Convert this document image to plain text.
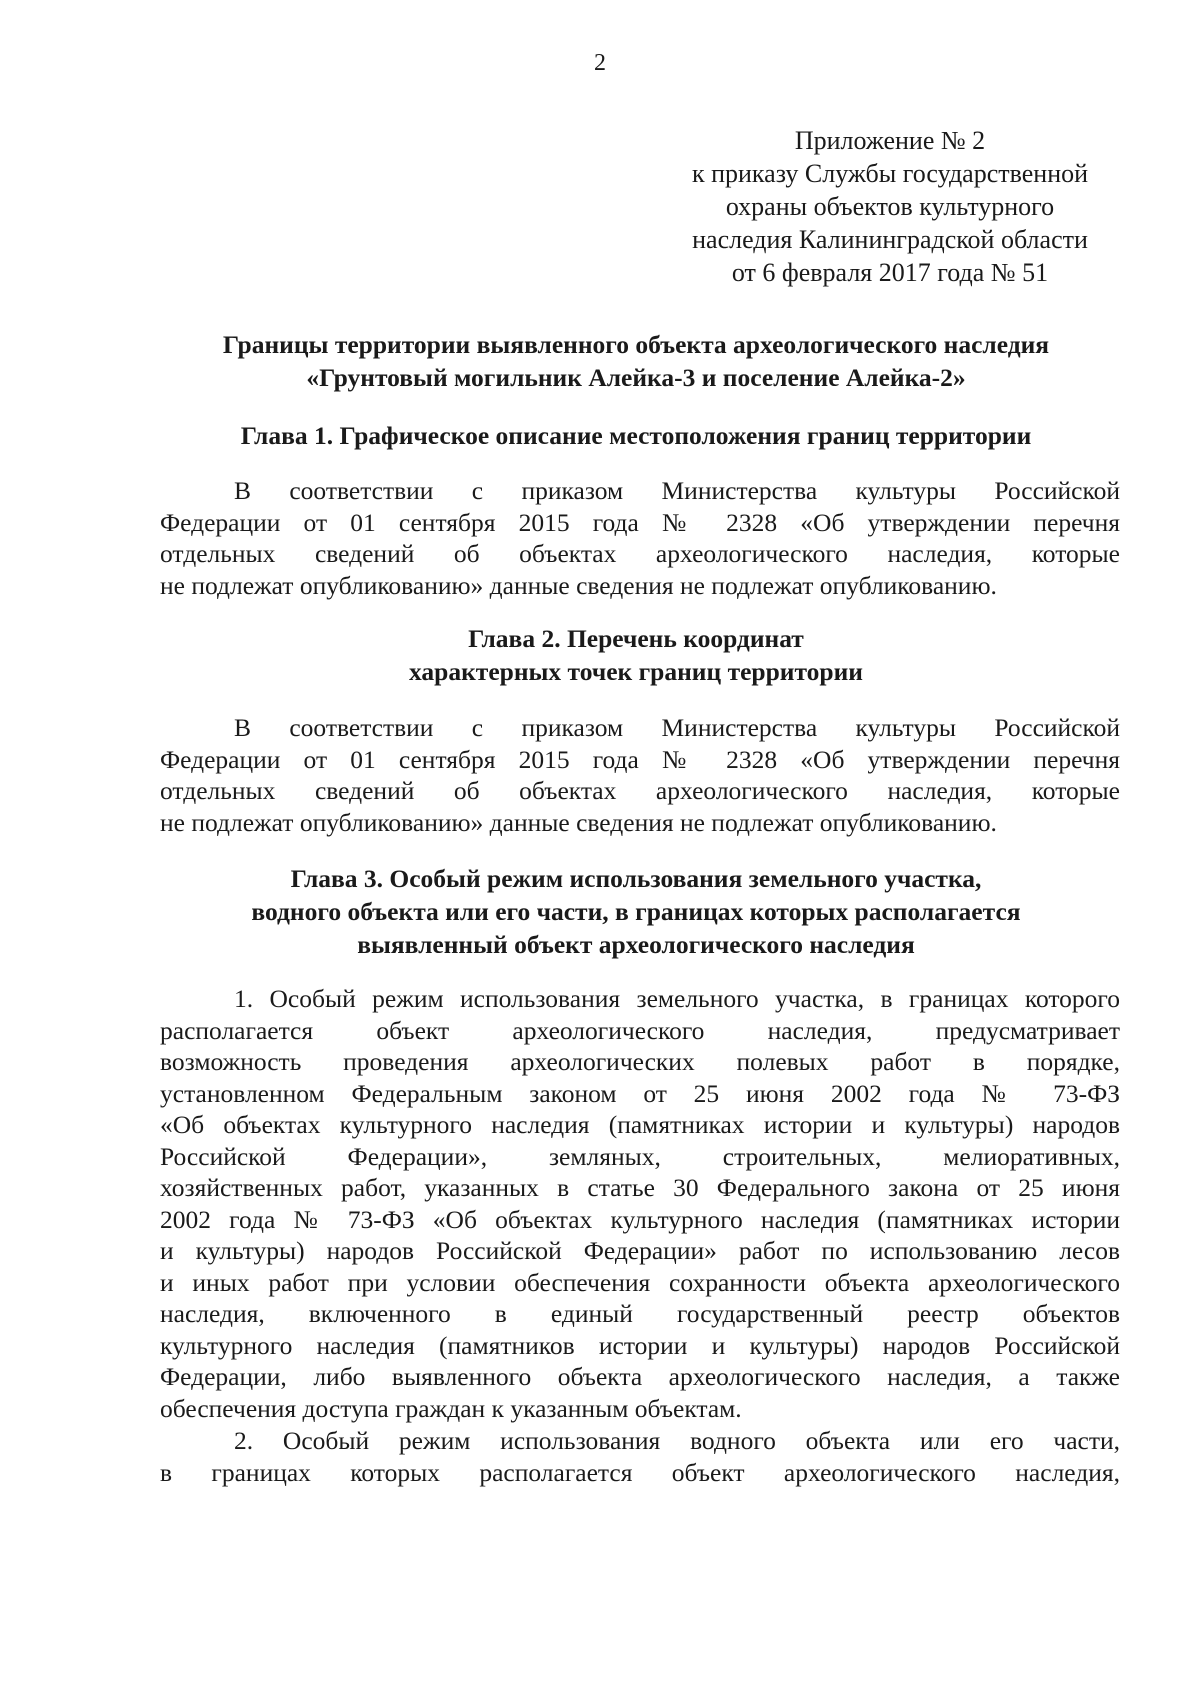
2
Приложение № 2
к приказу Службы государственной
охраны объектов культурного
наследия Калининградской области
от 6 февраля 2017 года № 51
Границы территории выявленного объекта археологического наследия
«Грунтовый могильник Алейка-3 и поселение Алейка-2»
Глава 1. Графическое описание местоположения границ территории
В соответствии с приказом Министерства культуры Российской
Федерации от 01 сентября 2015 года № 2328 «Об утверждении перечня
отдельных сведений об объектах археологического наследия, которые
не подлежат опубликованию» данные сведения не подлежат опубликованию.
Глава 2. Перечень координат
характерных точек границ территории
В соответствии с приказом Министерства культуры Российской
Федерации от 01 сентября 2015 года № 2328 «Об утверждении перечня
отдельных сведений об объектах археологического наследия, которые
не подлежат опубликованию» данные сведения не подлежат опубликованию.
Глава 3. Особый режим использования земельного участка,
водного объекта или его части, в границах которых располагается
выявленный объект археологического наследия
1. Особый режим использования земельного участка, в границах которого
располагается объект археологического наследия, предусматривает
возможность проведения археологических полевых работ в порядке,
установленном Федеральным законом от 25 июня 2002 года № 73-ФЗ
«Об объектах культурного наследия (памятниках истории и культуры) народов
Российской Федерации», земляных, строительных, мелиоративных,
хозяйственных работ, указанных в статье 30 Федерального закона от 25 июня
2002 года № 73-ФЗ «Об объектах культурного наследия (памятниках истории
и культуры) народов Российской Федерации» работ по использованию лесов
и иных работ при условии обеспечения сохранности объекта археологического
наследия, включенного в единый государственный реестр объектов
культурного наследия (памятников истории и культуры) народов Российской
Федерации, либо выявленного объекта археологического наследия, а также
обеспечения доступа граждан к указанным объектам.
2. Особый режим использования водного объекта или его части,
в границах которых располагается объект археологического наследия,
